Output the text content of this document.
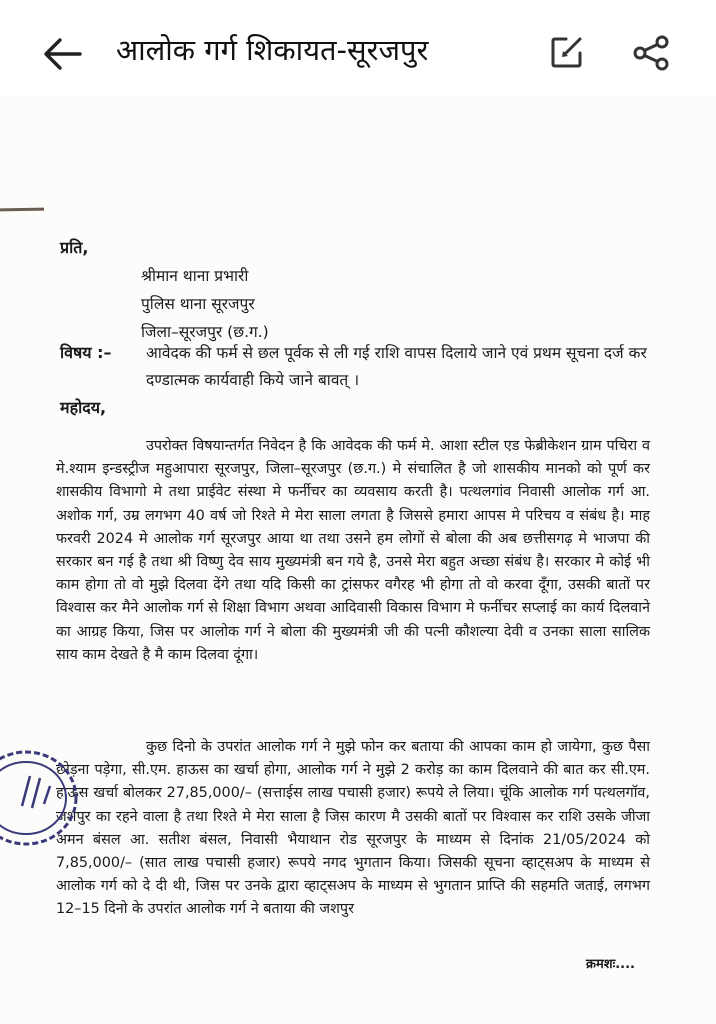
आलोक गर्ग शिकायत-सूरजपुर
प्रति,
श्रीमान थाना प्रभारी
पुलिस थाना सूरजपुर
जिला–सूरजपुर (छ.ग.)
विषय :– आवेदक की फर्म से छल पूर्वक से ली गई राशि वापस दिलाये जाने एवं प्रथम सूचना दर्ज कर दण्डात्मक कार्यवाही किये जाने बावत् ।
महोदय,

उपरोक्त विषयान्तर्गत निवेदन है कि आवेदक की फर्म मे. आशा स्टील एड फेब्रीकेशन ग्राम पचिरा व मे.श्याम इन्डस्ट्रीज महुआपारा सूरजपुर, जिला–सूरजपुर (छ.ग.) मे संचालित है जो शासकीय मानको को पूर्ण कर शासकीय विभागो मे तथा प्राईवेट संस्था मे फर्नीचर का व्यवसाय करती है। पत्थलगांव निवासी आलोक गर्ग आ. अशोक गर्ग, उम्र लगभग 40 वर्ष जो रिश्ते मे मेरा साला लगता है जिससे हमारा आपस मे परिचय व संबंध है। माह फरवरी 2024 मे आलोक गर्ग सूरजपुर आया था तथा उसने हम लोगों से बोला की अब छत्तीसगढ़ मे भाजपा की सरकार बन गई है तथा श्री विष्णु देव साय मुख्यमंत्री बन गये है, उनसे मेरा बहुत अच्छा संबंध है। सरकार मे कोई भी काम होगा तो वो मुझे दिलवा देंगे तथा यदि किसी का ट्रांसफर वगैरह भी होगा तो वो करवा दूँगा, उसकी बातों पर विश्वास कर मैने आलोक गर्ग से शिक्षा विभाग अथवा आदिवासी विकास विभाग मे फर्नीचर सप्लाई का कार्य दिलवाने का आग्रह किया, जिस पर आलोक गर्ग ने बोला की मुख्यमंत्री जी की पत्नी कौशल्या देवी व उनका साला सालिक साय काम देखते है मै काम दिलवा दूंगा।

कुछ दिनो के उपरांत आलोक गर्ग ने मुझे फोन कर बताया की आपका काम हो जायेगा, कुछ पैसा छोड़ना पड़ेगा, सी.एम. हाऊस का खर्चा होगा, आलोक गर्ग ने मुझे 2 करोड़ का काम दिलवाने की बात कर सी.एम. हाऊस खर्चा बोलकर 27,85,000/– (सत्ताईस लाख पचासी हजार) रूपये ले लिया। चूंकि आलोक गर्ग पत्थलगॉव, जशपुर का रहने वाला है तथा रिश्ते मे मेरा साला है जिस कारण मै उसकी बातों पर विश्वास कर राशि उसके जीजा अमन बंसल आ. सतीश बंसल, निवासी भैयाथान रोड सूरजपुर के माध्यम से दिनांक 21/05/2024 को 7,85,000/– (सात लाख पचासी हजार) रूपये नगद भुगतान किया। जिसकी सूचना व्हाट्सअप के माध्यम से आलोक गर्ग को दे दी थी, जिस पर उनके द्वारा व्हाट्सअप के माध्यम से भुगतान प्राप्ति की सहमति जताई, लगभग 12–15 दिनो के उपरांत आलोक गर्ग ने बताया की जशपुर

क्रमशः....
